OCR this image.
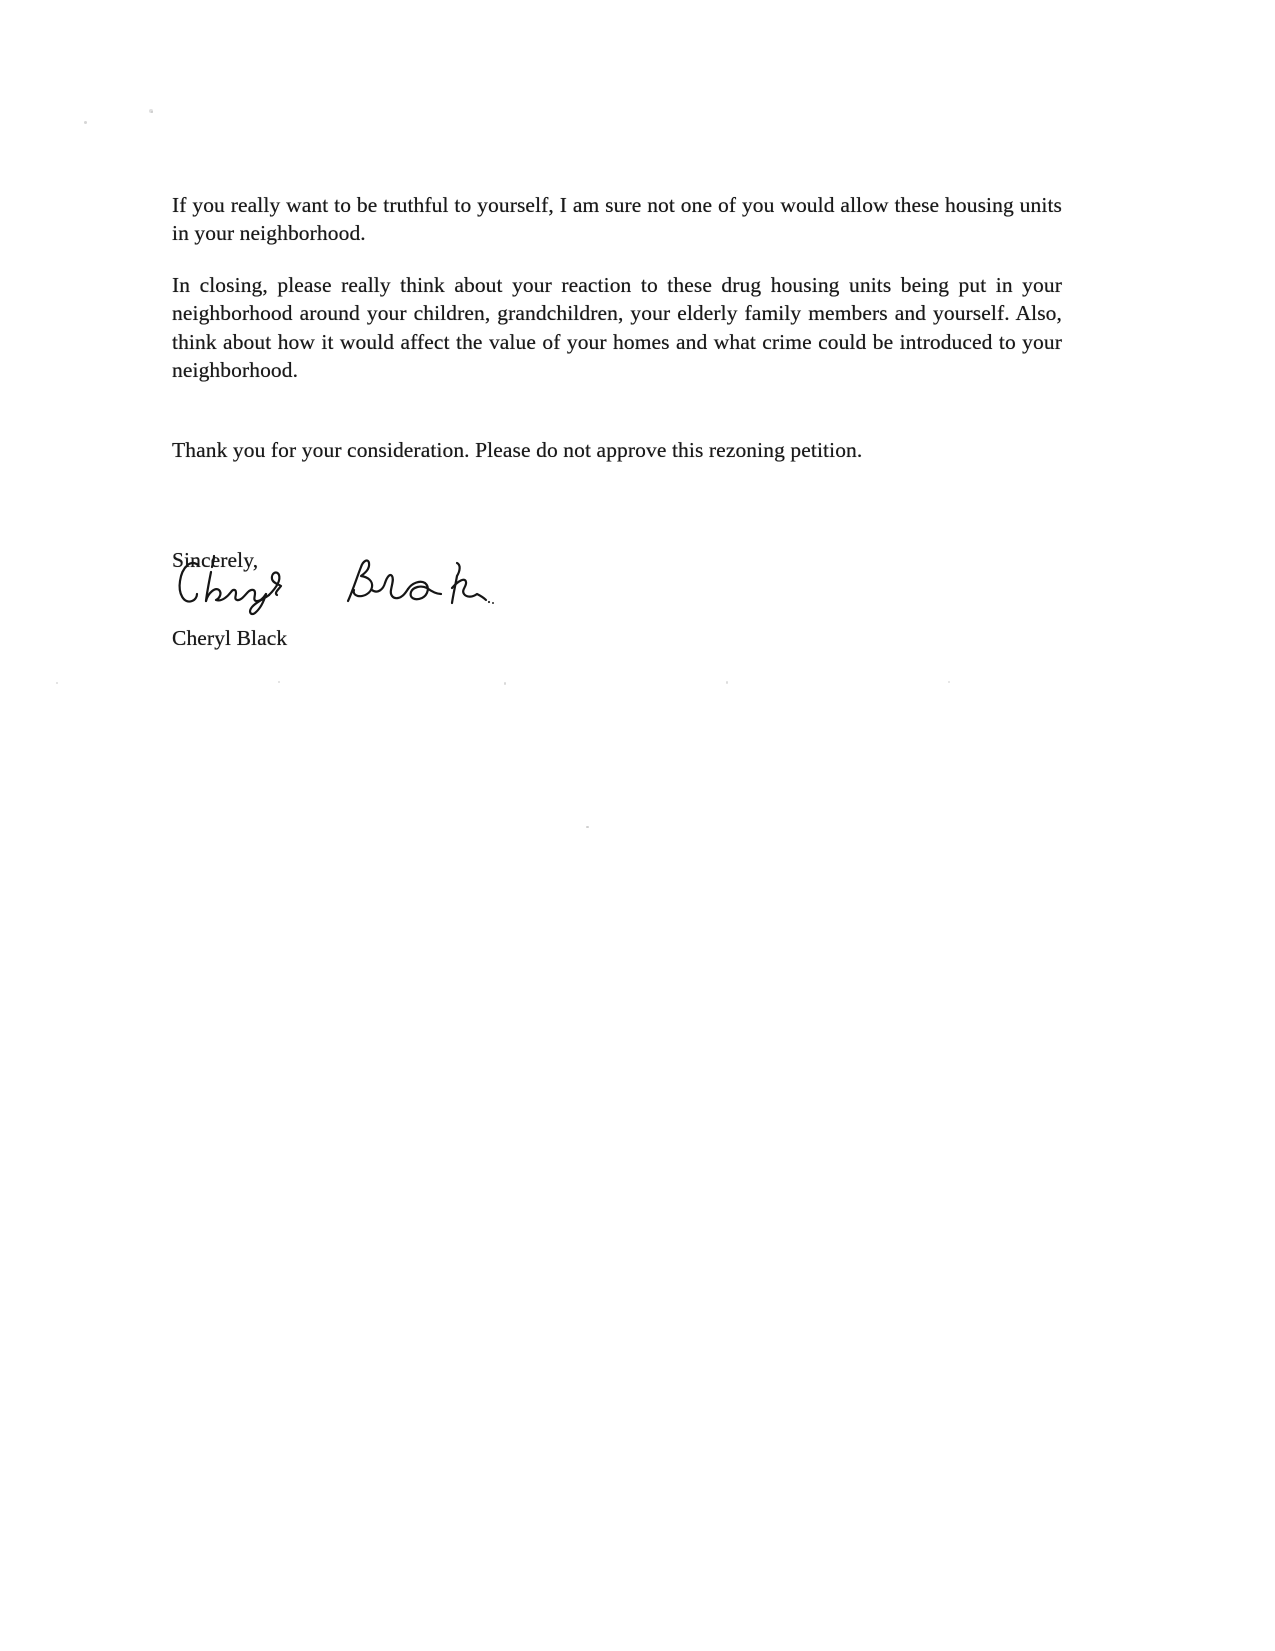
If you really want to be truthful to yourself, I am sure not one of you would allow these housing units in your neighborhood.

In closing, please really think about your reaction to these drug housing units being put in your neighborhood around your children, grandchildren, your elderly family members and yourself. Also, think about how it would affect the value of your homes and what crime could be introduced to your neighborhood.

Thank you for your consideration. Please do not approve this rezoning petition.

Sincerely,

Cheryl Black
